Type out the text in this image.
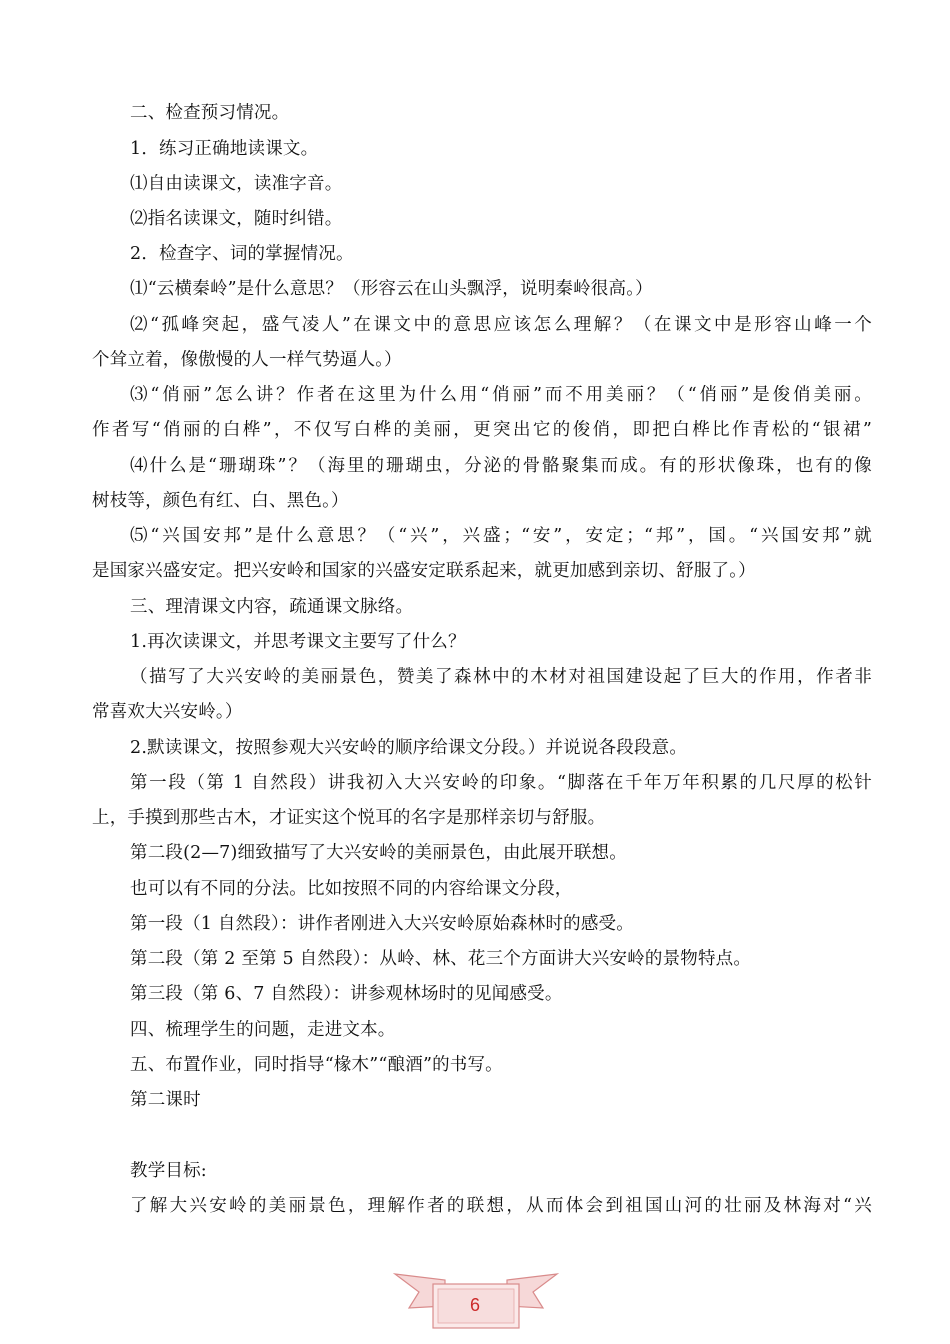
二、检查预习情况。
1．练习正确地读课文。
⑴自由读课文，读准字音。
⑵指名读课文，随时纠错。
2．检查字、词的掌握情况。
⑴“云横秦岭”是什么意思？（形容云在山头飘浮，说明秦岭很高。）
⑵“孤峰突起，盛气凌人”在课文中的意思应该怎么理解？（在课文中是形容山峰一个
个耸立着，像傲慢的人一样气势逼人。）
⑶“俏丽”怎么讲？作者在这里为什么用“俏丽”而不用美丽？（“俏丽”是俊俏美丽。
作者写“俏丽的白桦”，不仅写白桦的美丽，更突出它的俊俏，即把白桦比作青松的“银裙”
⑷什么是“珊瑚珠”？（海里的珊瑚虫，分泌的骨骼聚集而成。有的形状像珠，也有的像
树枝等，颜色有红、白、黑色。）
⑸“兴国安邦”是什么意思？（“兴”，兴盛；“安”，安定；“邦”，国。“兴国安邦”就
是国家兴盛安定。把兴安岭和国家的兴盛安定联系起来，就更加感到亲切、舒服了。）
三、理清课文内容，疏通课文脉络。
1.再次读课文，并思考课文主要写了什么？
（描写了大兴安岭的美丽景色，赞美了森林中的木材对祖国建设起了巨大的作用，作者非
常喜欢大兴安岭。）
2.默读课文，按照参观大兴安岭的顺序给课文分段。）并说说各段段意。
第一段（第 1 自然段）讲我初入大兴安岭的印象。“脚落在千年万年积累的几尺厚的松针
上，手摸到那些古木，才证实这个悦耳的名字是那样亲切与舒服。
第二段(2—7)细致描写了大兴安岭的美丽景色，由此展开联想。
也可以有不同的分法。比如按照不同的内容给课文分段，
第一段（1 自然段）：讲作者刚进入大兴安岭原始森林时的感受。
第二段（第 2 至第 5 自然段）：从岭、林、花三个方面讲大兴安岭的景物特点。
第三段（第 6、7 自然段）：讲参观林场时的见闻感受。
四、梳理学生的问题，走进文本。
五、布置作业，同时指导“椽木”“酿酒”的书写。
第二课时
教学目标:
了解大兴安岭的美丽景色，理解作者的联想，从而体会到祖国山河的壮丽及林海对“兴
6
